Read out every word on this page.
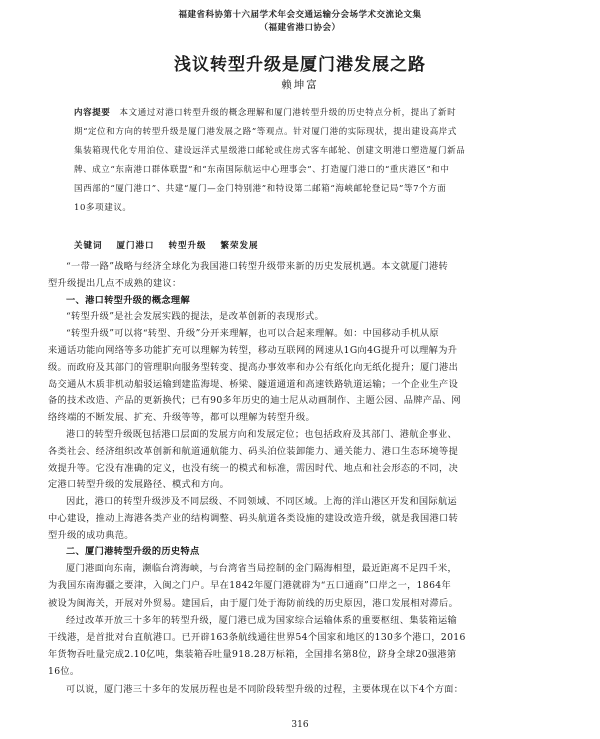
福建省科协第十六届学术年会交通运输分会场学术交流论文集
（福建省港口协会）
浅议转型升级是厦门港发展之路
赖坤富
内容提要　 本文通过对港口转型升级的概念理解和厦门港转型升级的历史特点分析，提出了新时
期“定位和方向的转型升级是厦门港发展之路”等观点。针对厦门港的实际现状，提出建设高岸式
集装箱现代化专用泊位、建设远洋式星级港口邮轮或住房式客车邮轮、创建文明港口塑造厦门新品
牌、成立“东南港口群体联盟”和“东南国际航运中心理事会”、打造厦门港口的“重庆港区”和中
国西部的“厦门港口”、共建“厦门—金门特别港”和特设第二邮箱“海峡邮轮登记局”等7个方面
10多项建议。
关键词 厦门港口 转型升级 繁荣发展
“一带一路”战略与经济全球化为我国港口转型升级带来新的历史发展机遇。本文就厦门港转
型升级提出几点不成熟的建议：
一、港口转型升级的概念理解
“转型升级”是社会发展实践的提法，是改革创新的表现形式。
“转型升级”可以将“转型、升级”分开来理解，也可以合起来理解。如：中国移动手机从原
来通话功能向网络等多功能扩充可以理解为转型，移动互联网的网速从1G向4G提升可以理解为升
级。而政府及其部门的管理职向服务型转变、提高办事效率和办公有纸化向无纸化提升；厦门港出
岛交通从木质非机动船驳运输到建监海堤、桥梁、隧道通道和高速铁路轨道运输；一个企业生产设
备的技术改造、产品的更新换代；已有90多年历史的迪士尼从动画制作、主题公园、品牌产品、网
络终端的不断发展、扩充、升级等等，都可以理解为转型升级。
港口的转型升级既包括港口层面的发展方向和发展定位；也包括政府及其部门、港航企事业、
各类社会、经济组织改革创新和航道通航能力、码头泊位装卸能力、通关能力、港口生态环境等提
效提升等。它没有准确的定义，也没有统一的模式和标准，需因时代、地点和社会形态的不同，决
定港口转型升级的发展路径、模式和方向。
因此，港口的转型升级涉及不同层级、不同领域、不同区域。上海的洋山港区开发和国际航运
中心建设，推动上海港各类产业的结构调整、码头航道各类设施的建设改造升级，就是我国港口转
型升级的成功典范。
二、厦门港转型升级的历史特点
厦门港面向东南，濒临台湾海峡，与台湾省当局控制的金门隔海相望，最近距离不足四千米，
为我国东南海疆之要津，入闽之门户。早在1842年厦门港就辟为“五口通商”口岸之一，1864年
被设为闽海关，开展对外贸易。建国后，由于厦门处于海防前线的历史原因，港口发展相对滞后。
经过改革开放三十多年的转型升级，厦门港已成为国家综合运输体系的重要枢纽、集装箱运输
干线港，是首批对台直航港口。已开辟163条航线通往世界54个国家和地区的130多个港口，2016
年货物吞吐量完成2.10亿吨，集装箱吞吐量918.28万标箱，全国排名第8位，跻身全球20强港第
16位。
可以说，厦门港三十多年的发展历程也是不同阶段转型升级的过程，主要体现在以下4个方面：
316
